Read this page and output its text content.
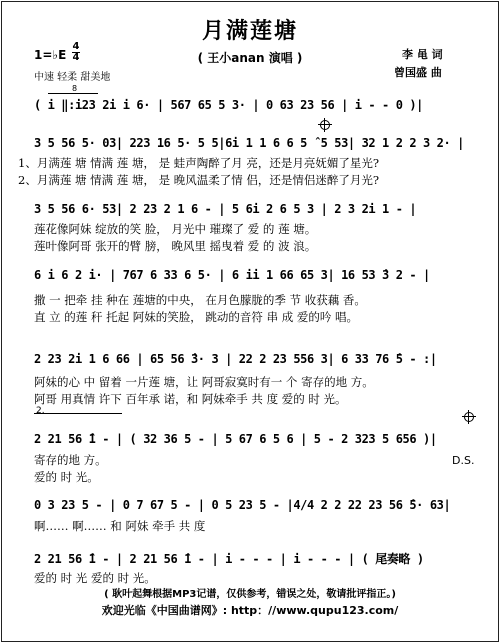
月满莲塘
( 王小anan 演唱 )	李 黾 词
曾国盛 曲
1=♭E
4
4
中速 轻柔 甜美地
8
( i ‖:i23 2i i 6· | 567 65 5 3· | 0 63 23 56 | i - - 0 )|
3 5 56 5· 03| 223 16 5· 5 5|6i 1 1 6 6 5 ̂ 5 53| 32 1 2 2 3 2· |
1、月满莲 塘 情满 莲 塘， 是 蛙声陶醉了月 亮，还是月亮妩媚了星光?
2、月满莲 塘 情满 莲 塘， 是 晚风温柔了情 侣，还是情侣迷醉了月光?
3 5 56 6· 53| 2 23 2 1 6 - | 5 6i 2 6 5 3 | 2 3 2i 1 - |
莲花像阿妹 绽放的笑 脸， 月光中 璀璨了 爱 的 莲 塘。
莲叶像阿哥 张开的臂 膀， 晚风里 摇曳着 爱 的 波 浪。
6 i 6 2 i· | 767 6 33 6 5· | 6 ii 1 66 65 3| 16 53 ̂3 2 - |
撒 一 把牵 挂 种在 莲塘的中央， 在月色朦胧的季 节 收获藕 香。
直 立 的莲 秆 托起 阿妹的笑脸， 跳动的音符 串 成 爱的吟 唱。
2 23 2i 1 6 66 | 65 56 ̂3· 3 | 22 2 23 556 3| 6 33 76 ̂5 - :|
阿妹的心 中 留着 一片莲 塘，让 阿哥寂寞时有一 个 寄存的地 方。
阿哥 用真情 许下 百年承 诺，和 阿妹牵手 共 度 爱的 时 光。
2.
2 21 56 ̂1 - | ( 32 36 5 - | 5 67 6 5 6 | 5 - 2 323 5 656 )|
寄存的地 方。
爱的 时 光。
D.S.
0 3 23 5 - | 0 7 67 5 - | 0 5 23 5 - |4/4 2 2 22 23 56 ̂5· 63|
啊…… 啊…… 和 阿妹 牵手 共 度
2 21 56 ̂1 - | 2 21 56 ̂1 - | i - - - | i - - - | ( 尾奏略 )
爱的 时 光 爱的 时 光。
( 耿叶起舞根据MP3记谱，仅供参考，错误之处，敬请批评指正。)
欢迎光临《中国曲谱网》: http：//www.qupu123.com/
